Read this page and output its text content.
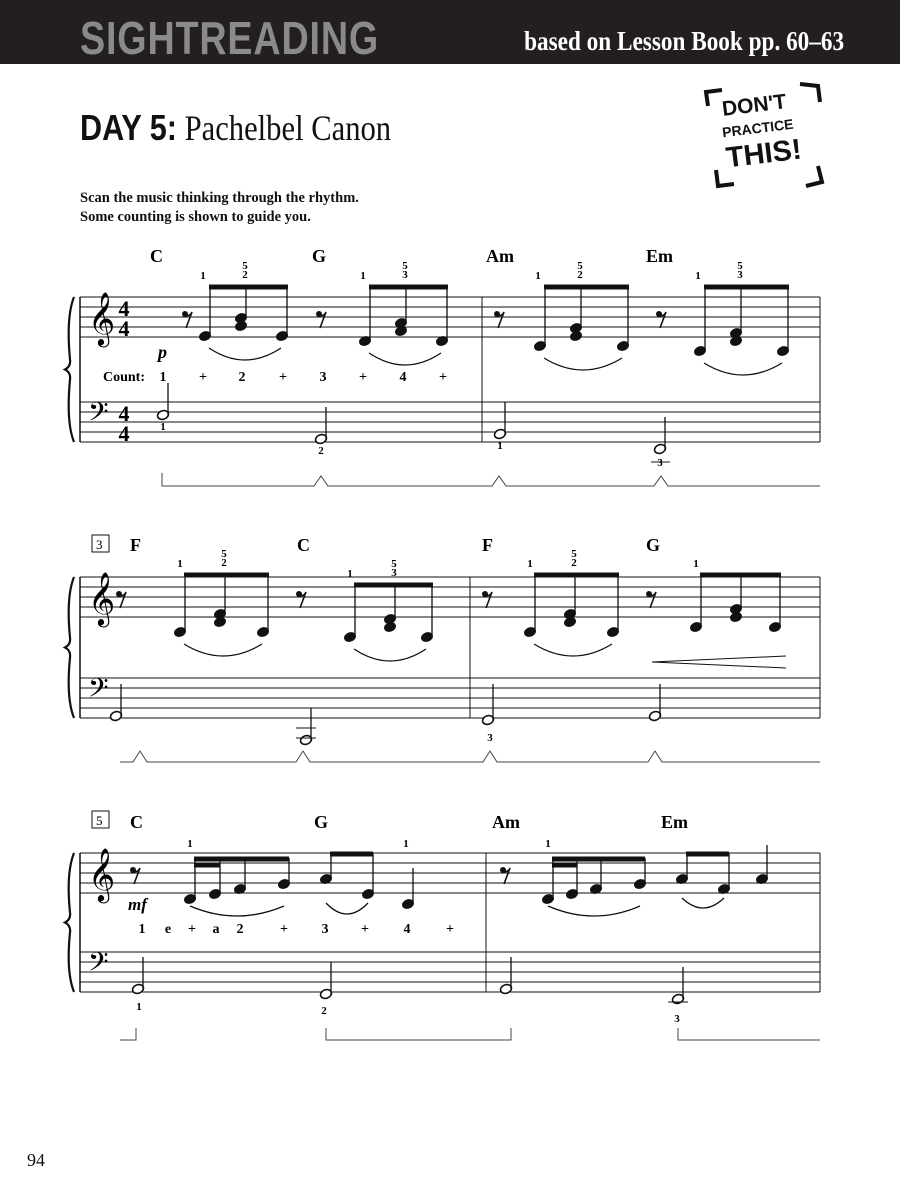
SIGHTREADING	based on Lesson Book pp. 60–63
DAY 5: Pachelbel Canon
Scan the music thinking through the rhythm.
Some counting is shown to guide you.
DON'T
PRACTICE
THIS!
𝄞
𝄢
4
4
4
4
1
5
2	1
5
3	1
5
2	1
5
3
1 + 2 + 3 + 4 +
1
2	1
3
𝄞
𝄢
1
5
2
1
5
3
1
5
2	1
3
𝄞
𝄢
1	1	1
1 e + a 2	+ 3 + 4	+
1	2
3
C	G	Am	Em
p
Count:
F	C	F	G
3
C	G	Am	Em
5
mf
94
